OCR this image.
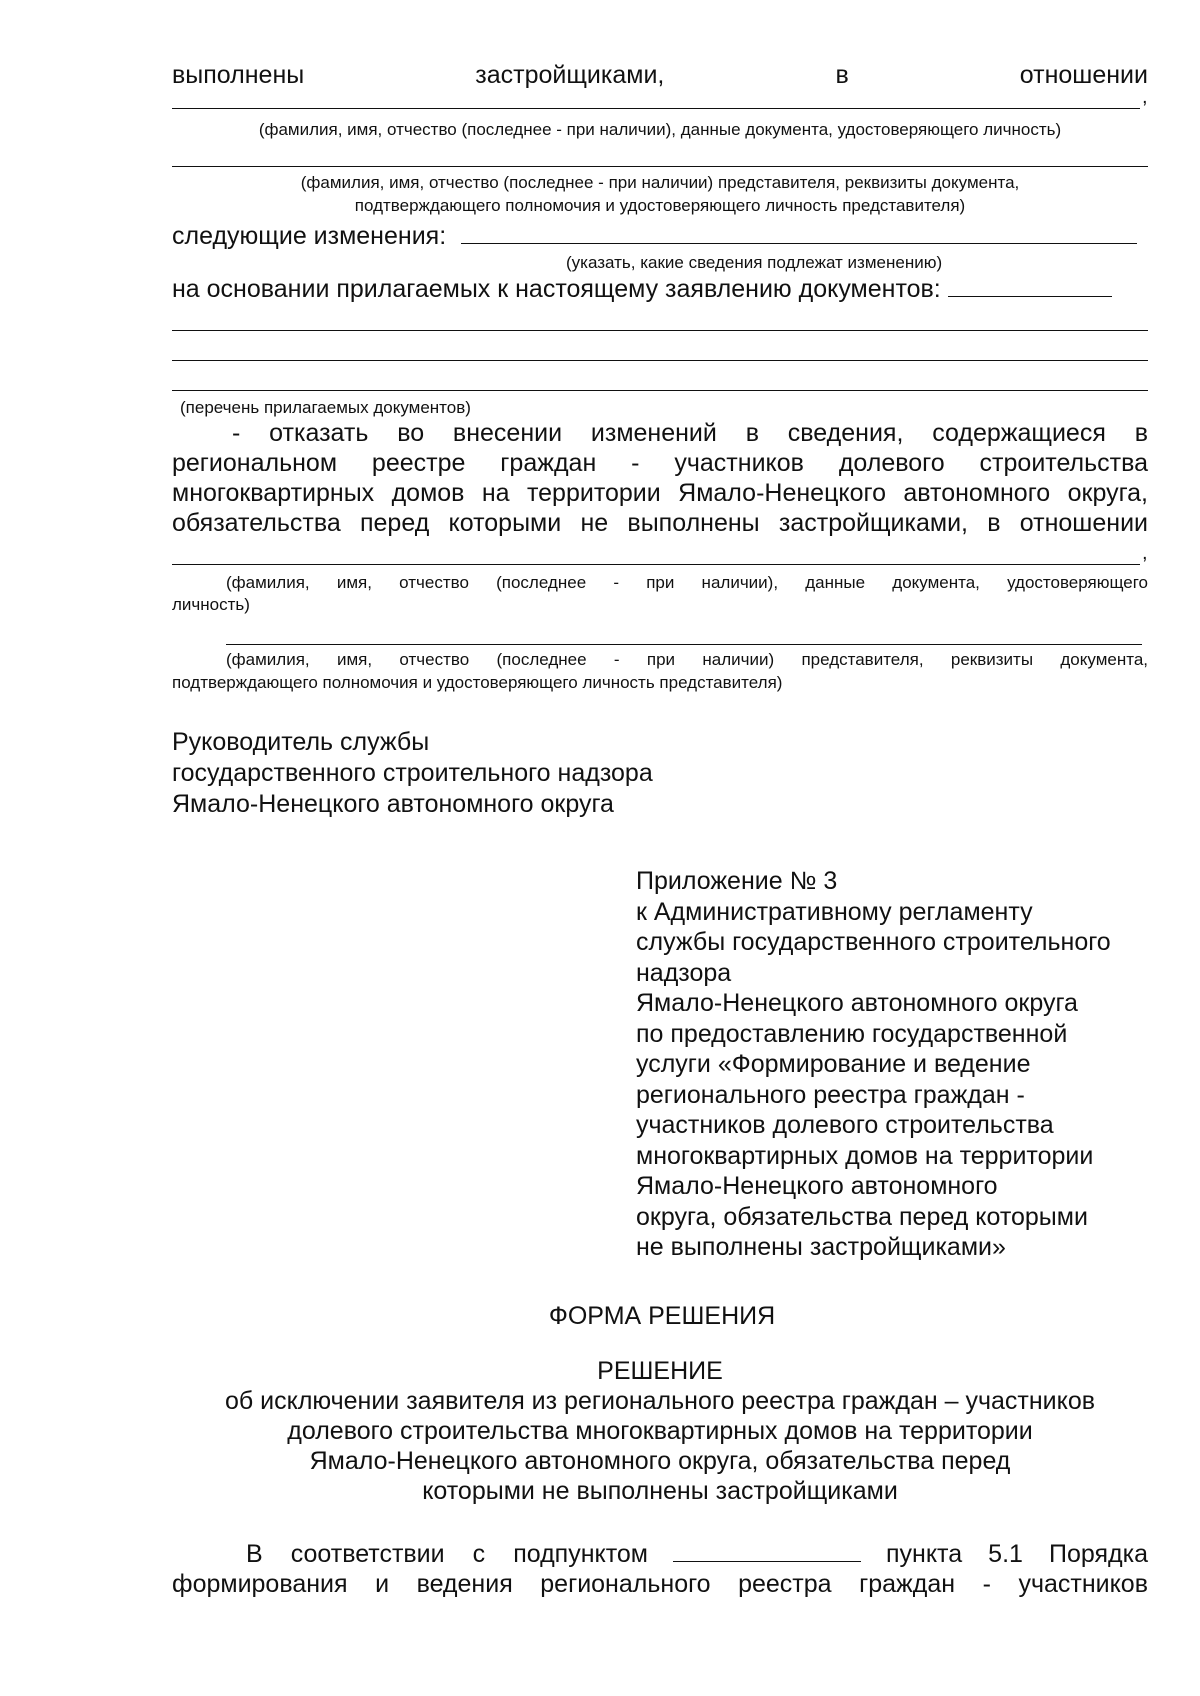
выполнены	застройщиками,	в	отношении
,
(фамилия, имя, отчество (последнее - при наличии), данные документа, удостоверяющего личность)
(фамилия, имя, отчество (последнее - при наличии) представителя, реквизиты документа,
подтверждающего полномочия и удостоверяющего личность представителя)
следующие изменения:
(указать, какие сведения подлежат изменению)
на основании прилагаемых к настоящему заявлению документов:
(перечень прилагаемых документов)
- отказать во внесении изменений в сведения, содержащиеся в
региональном реестре граждан - участников долевого строительства
многоквартирных домов на территории Ямало-Ненецкого автономного округа,
обязательства перед которыми не выполнены застройщиками, в отношении
,
(фамилия, имя, отчество (последнее - при наличии), данные документа, удостоверяющего
личность)
(фамилия, имя, отчество (последнее - при наличии) представителя, реквизиты документа,
подтверждающего полномочия и удостоверяющего личность представителя)
Руководитель службы
государственного строительного надзора
Ямало-Ненецкого автономного округа
Приложение № 3
к Административному регламенту
службы государственного строительного
надзора
Ямало-Ненецкого автономного округа
по предоставлению государственной
услуги «Формирование и ведение
регионального реестра граждан -
участников долевого строительства
многоквартирных домов на территории
Ямало-Ненецкого автономного
округа, обязательства перед которыми
не выполнены застройщиками»
ФОРМА РЕШЕНИЯ
РЕШЕНИЕ
об исключении заявителя из регионального реестра граждан – участников
долевого строительства многоквартирных домов на территории
Ямало-Ненецкого автономного округа, обязательства перед
которыми не выполнены застройщиками
В соответствии с подпунктом	пункта 5.1 Порядка
формирования и ведения регионального реестра граждан - участников
